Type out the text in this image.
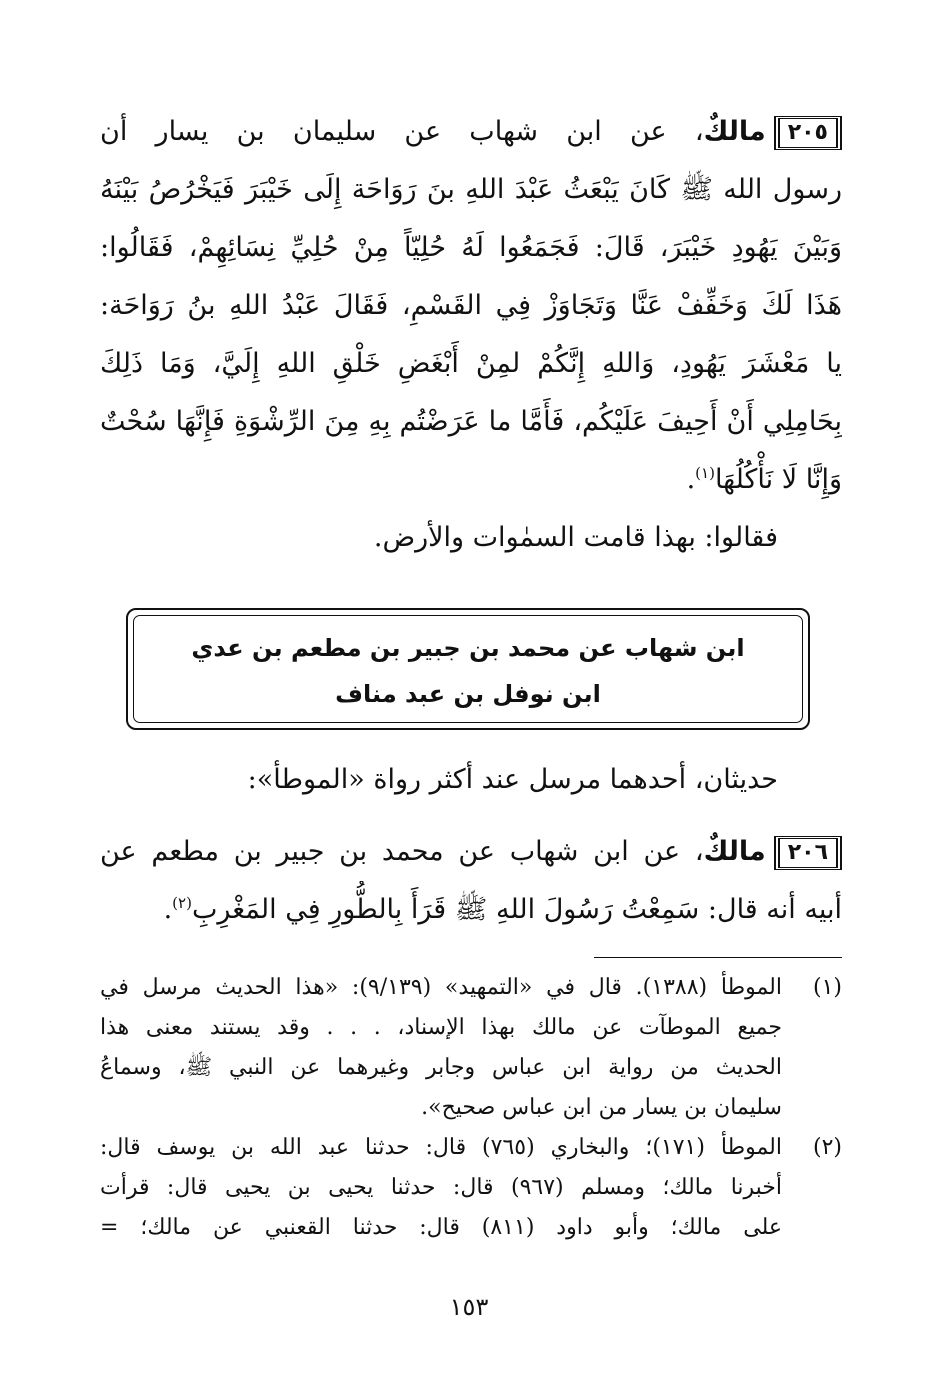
٢٠٥مالكٌ، عن ابن شهاب عن سليمان بن يسار أن
رسول الله ﷺ كَانَ يَبْعَثُ عَبْدَ اللهِ بنَ رَوَاحَة إِلَى خَيْبَرَ فَيَخْرُصُ بَيْنَهُ
وَبَيْنَ يَهُودِ خَيْبَرَ، قَالَ: فَجَمَعُوا لَهُ حُلِيّاً مِنْ حُلِيِّ نِسَائِهِمْ، فَقَالُوا:
هَذَا لَكَ وَخَفِّفْ عَنَّا وَتَجَاوَزْ فِي القَسْمِ، فَقَالَ عَبْدُ اللهِ بنُ رَوَاحَة:
يا مَعْشَرَ يَهُودِ، وَاللهِ إِنَّكُمْ لمِنْ أَبْغَضِ خَلْقِ اللهِ إِلَيَّ، وَمَا ذَلِكَ
بِحَامِلِي أَنْ أَحِيفَ عَلَيْكُم، فَأَمَّا ما عَرَضْتُم بِهِ مِنَ الرِّشْوَةِ فَإِنَّهَا سُحْتٌ
وَإِنَّا لَا نَأْكُلُهَا$^{(١)}$.
فقالوا: بهذا قامت السمٰوات والأرض.
ابن شهاب عن محمد بن جبير بن مطعم بن عدي
ابن نوفل بن عبد مناف
حديثان، أحدهما مرسل عند أكثر رواة «الموطأ»:
٢٠٦مالكٌ، عن ابن شهاب عن محمد بن جبير بن مطعم عن
أبيه أنه قال: سَمِعْتُ رَسُولَ اللهِ ﷺ قَرَأَ بِالطُّورِ فِي المَغْرِبِ$^{(٢)}$.
(١)
الموطأ (١٣٨٨). قال في «التمهيد» (٩/١٣٩): «هذا الحديث مرسل في
جميع الموطآت عن مالك بهذا الإسناد، . . . وقد يستند معنى هذا
الحديث من رواية ابن عباس وجابر وغيرهما عن النبي ﷺ، وسماعُ
سليمان بن يسار من ابن عباس صحيح».
(٢)
الموطأ (١٧١)؛ والبخاري (٧٦٥) قال: حدثنا عبد الله بن يوسف قال:
أخبرنا مالك؛ ومسلم (٩٦٧) قال: حدثنا يحيى بن يحيى قال: قرأت
على مالك؛ وأبو داود (٨١١) قال: حدثنا القعنبي عن مالك؛ =
١٥٣
